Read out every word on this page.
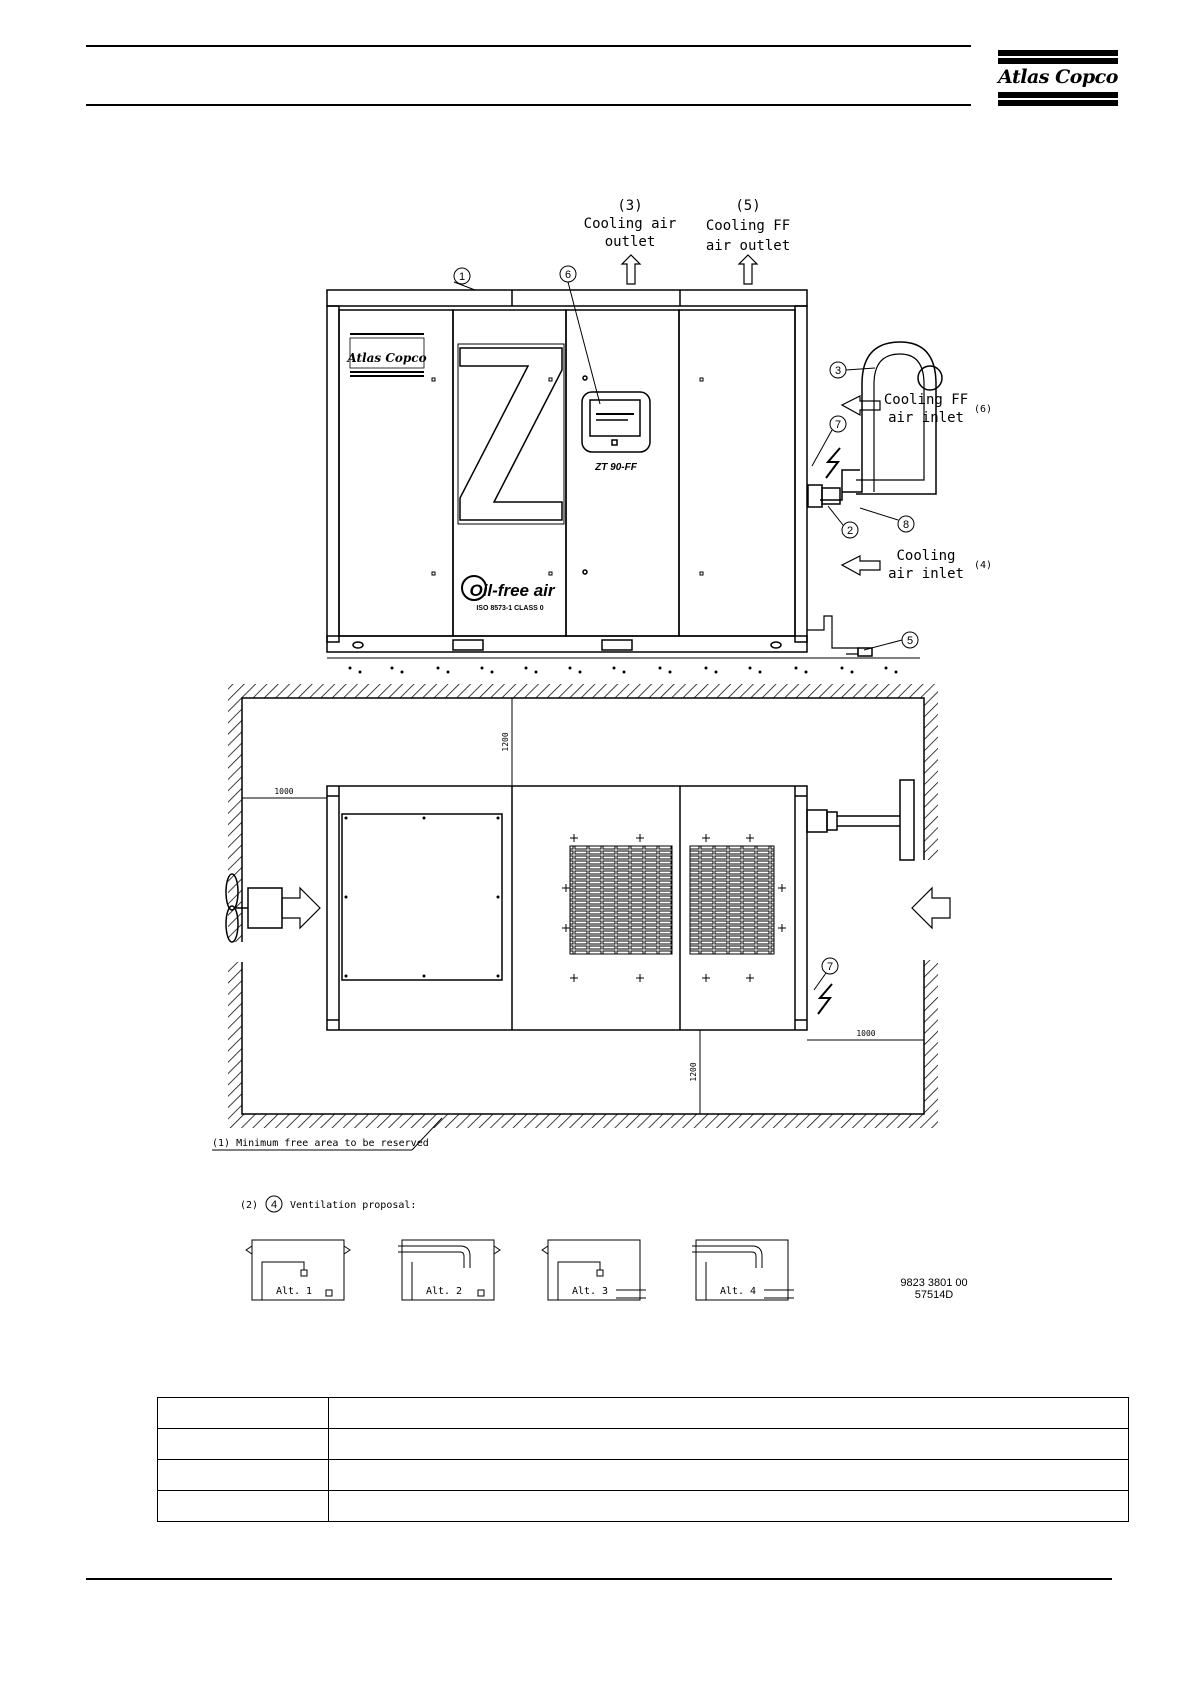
Atlas Copco
(3)
Cooling air
outlet
(5)
Cooling FF
air outlet
Cooling FF
air inlet
(6)
Cooling
air inlet
(4)
Atlas Copco
ZT 90-FF
Oil-free air
ISO 8573-1 CLASS 0
1	6
3
7
2	8
5
1000
1000
1200
1200
7
(1) Minimum free area to be reserved
(2) 4 Ventilation proposal:
Alt. 1	Alt. 2	Alt. 3	Alt. 4
9823 3801 00
57514D
